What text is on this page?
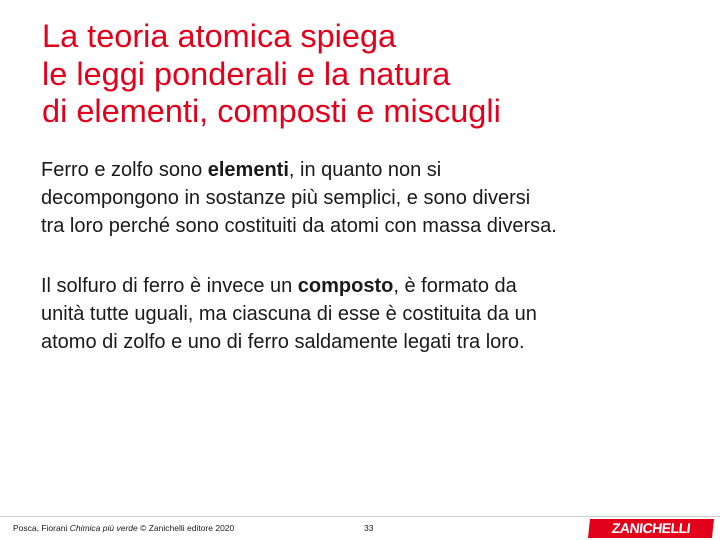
La teoria atomica spiega
le leggi ponderali e la natura
di elementi, composti e miscugli

Ferro e zolfo sono elementi, in quanto non si
decompongono in sostanze più semplici, e sono diversi
tra loro perché sono costituiti da atomi con massa diversa.

Il solfuro di ferro è invece un composto, è formato da
unità tutte uguali, ma ciascuna di esse è costituita da un
atomo di zolfo e uno di ferro saldamente legati tra loro.

Posca, Fiorani Chimica più verde © Zanichelli editore 2020	33	ZANICHELLI
